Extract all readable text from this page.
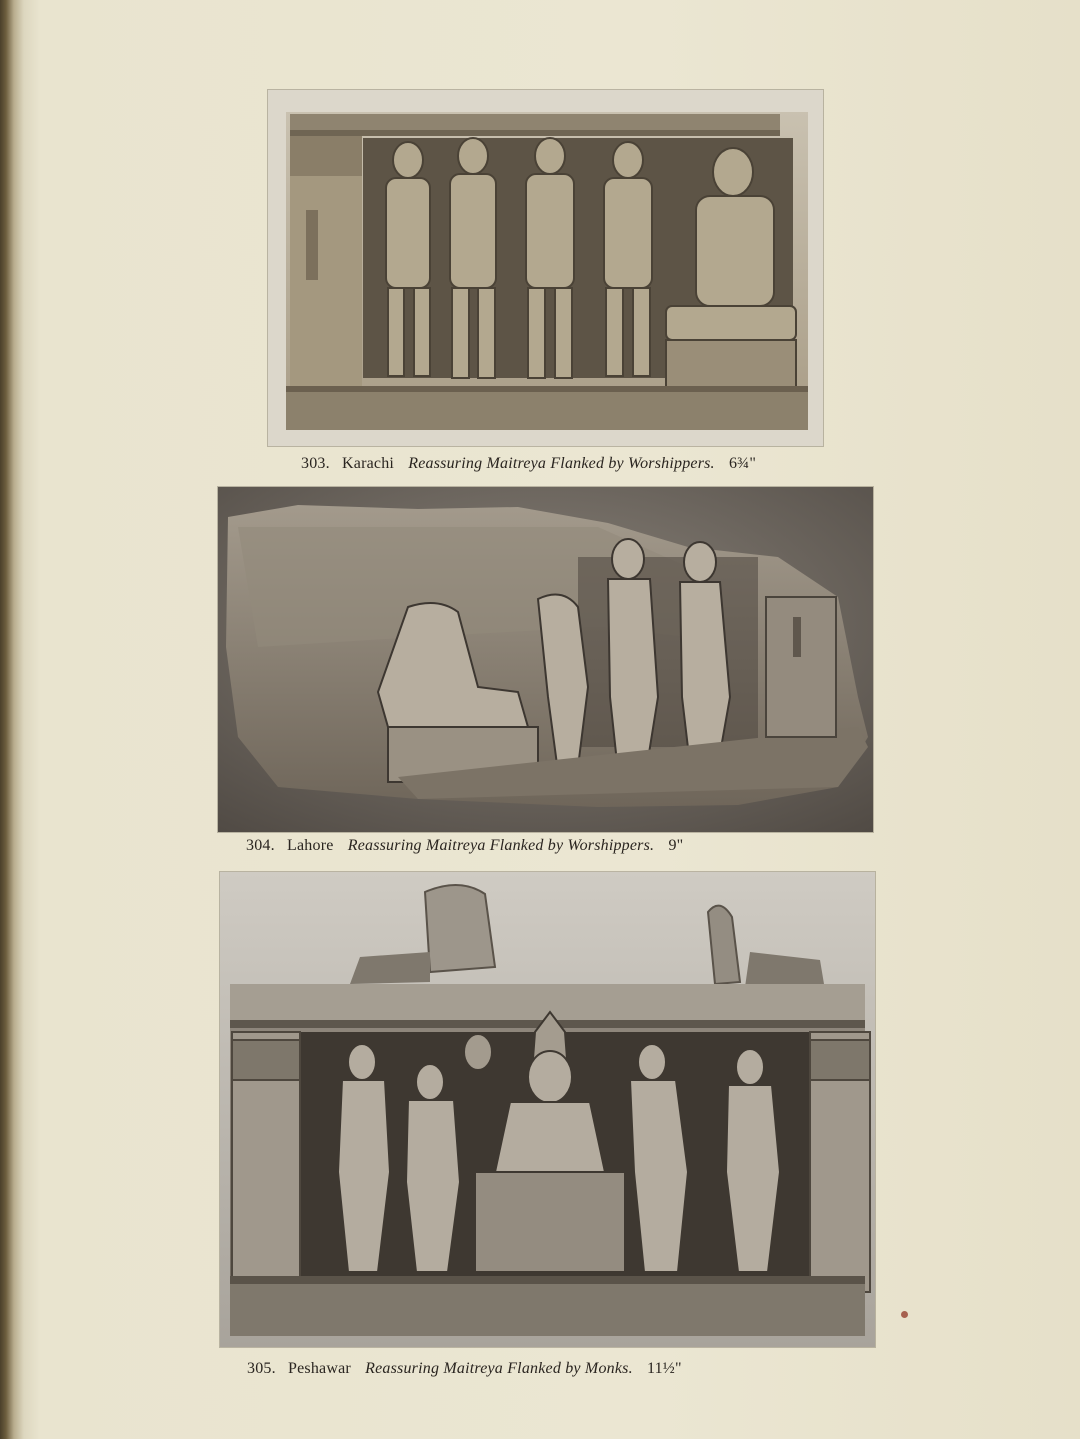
303. Karachi Reassuring Maitreya Flanked by Worshippers. 6¾"
304. Lahore Reassuring Maitreya Flanked by Worshippers. 9"
305. Peshawar Reassuring Maitreya Flanked by Monks. 11½"
